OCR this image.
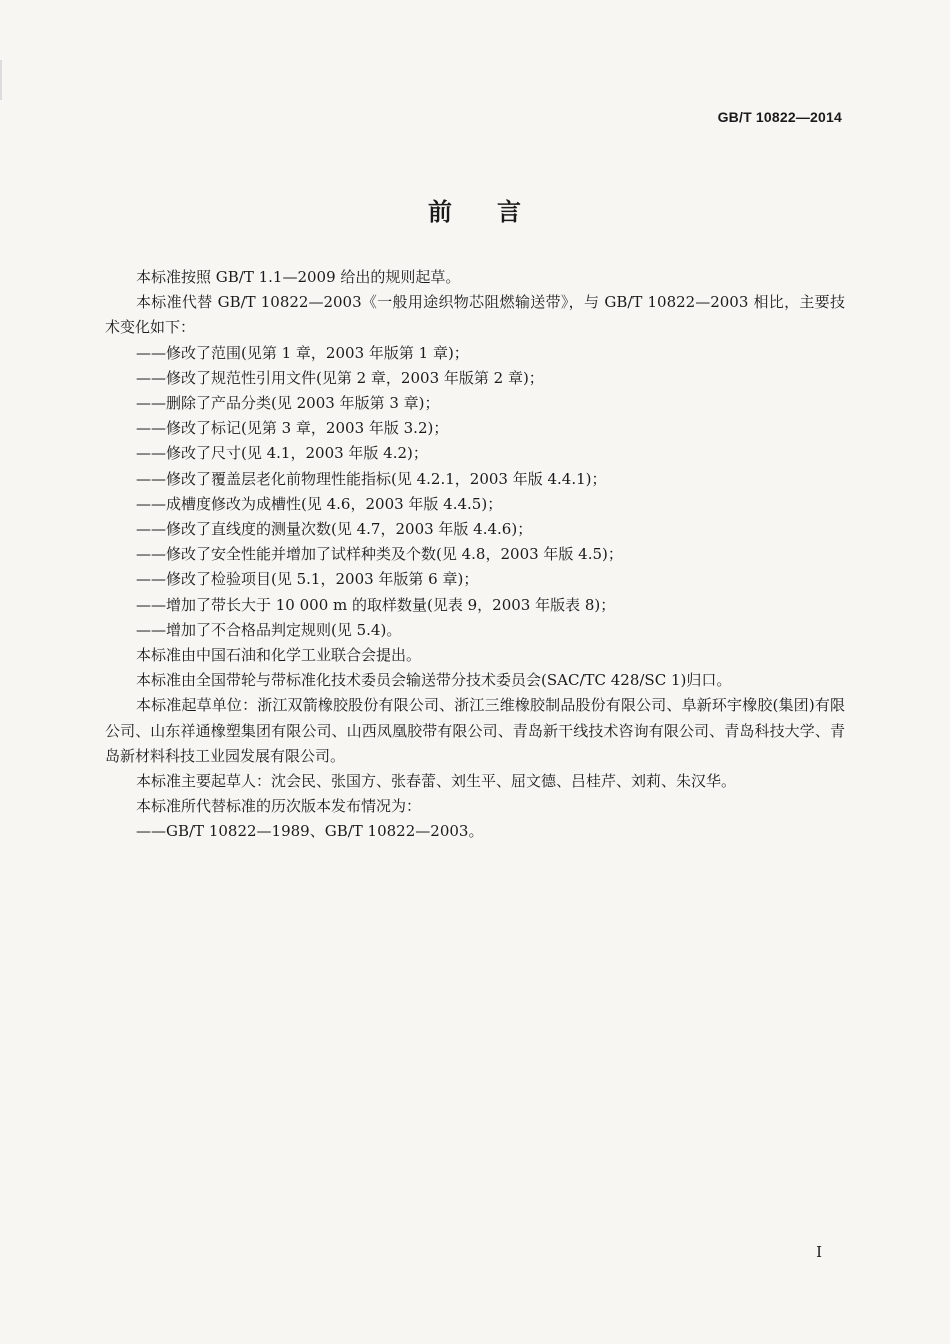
GB/T 10822—2014
前 言

本标准按照 GB/T 1.1—2009 给出的规则起草。

本标准代替 GB/T 10822—2003《一般用途织物芯阻燃输送带》，与 GB/T 10822—2003 相比，主要技术变化如下：

——修改了范围(见第 1 章，2003 年版第 1 章)；

——修改了规范性引用文件(见第 2 章，2003 年版第 2 章)；

——删除了产品分类(见 2003 年版第 3 章)；

——修改了标记(见第 3 章，2003 年版 3.2)；

——修改了尺寸(见 4.1，2003 年版 4.2)；

——修改了覆盖层老化前物理性能指标(见 4.2.1，2003 年版 4.4.1)；

——成槽度修改为成槽性(见 4.6，2003 年版 4.4.5)；

——修改了直线度的测量次数(见 4.7，2003 年版 4.4.6)；

——修改了安全性能并增加了试样种类及个数(见 4.8，2003 年版 4.5)；

——修改了检验项目(见 5.1，2003 年版第 6 章)；

——增加了带长大于 10 000 m 的取样数量(见表 9，2003 年版表 8)；

——增加了不合格品判定规则(见 5.4)。

本标准由中国石油和化学工业联合会提出。

本标准由全国带轮与带标准化技术委员会输送带分技术委员会(SAC/TC 428/SC 1)归口。

本标准起草单位：浙江双箭橡胶股份有限公司、浙江三维橡胶制品股份有限公司、阜新环宇橡胶(集团)有限公司、山东祥通橡塑集团有限公司、山西凤凰胶带有限公司、青岛新干线技术咨询有限公司、青岛科技大学、青岛新材料科技工业园发展有限公司。

本标准主要起草人：沈会民、张国方、张春蕾、刘生平、屈文德、吕桂芹、刘莉、朱汉华。

本标准所代替标准的历次版本发布情况为：

——GB/T 10822—1989、GB/T 10822—2003。

I
